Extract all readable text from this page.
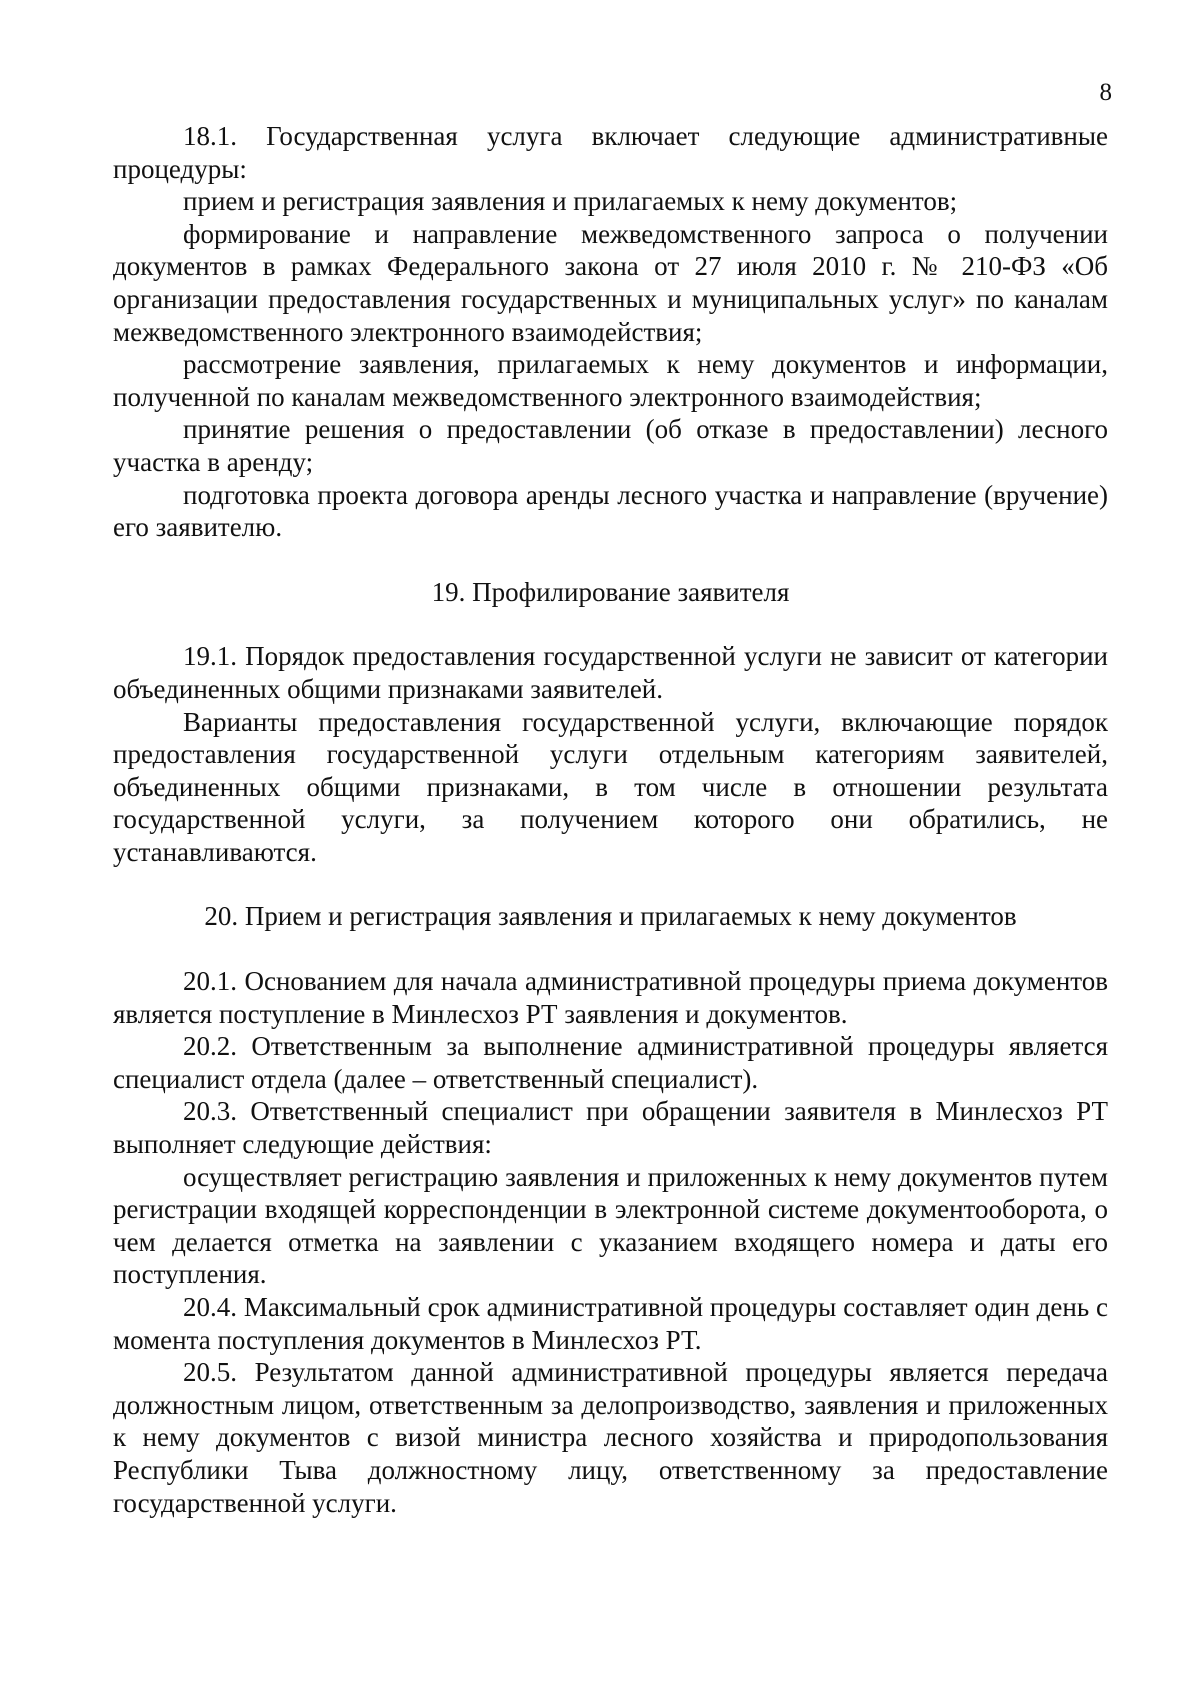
8

18.1. Государственная услуга включает следующие административные процедуры:

прием и регистрация заявления и прилагаемых к нему документов;

формирование и направление межведомственного запроса о получении документов в рамках Федерального закона от 27 июля 2010 г. № 210-ФЗ «Об организации предоставления государственных и муниципальных услуг» по каналам межведомственного электронного взаимодействия;

рассмотрение заявления, прилагаемых к нему документов и информации, полученной по каналам межведомственного электронного взаимодействия;

принятие решения о предоставлении (об отказе в предоставлении) лесного участка в аренду;

подготовка проекта договора аренды лесного участка и направление (вручение) его заявителю.

19. Профилирование заявителя

19.1. Порядок предоставления государственной услуги не зависит от категории объединенных общими признаками заявителей.

Варианты предоставления государственной услуги, включающие порядок предоставления государственной услуги отдельным категориям заявителей, объединенных общими признаками, в том числе в отношении результата государственной услуги, за получением которого они обратились, не устанавливаются.

20. Прием и регистрация заявления и прилагаемых к нему документов

20.1. Основанием для начала административной процедуры приема документов является поступление в Минлесхоз РТ заявления и документов.

20.2. Ответственным за выполнение административной процедуры является специалист отдела (далее – ответственный специалист).

20.3. Ответственный специалист при обращении заявителя в Минлесхоз РТ выполняет следующие действия:

осуществляет регистрацию заявления и приложенных к нему документов путем регистрации входящей корреспонденции в электронной системе документооборота, о чем делается отметка на заявлении с указанием входящего номера и даты его поступления.

20.4. Максимальный срок административной процедуры составляет один день с момента поступления документов в Минлесхоз РТ.

20.5. Результатом данной административной процедуры является передача должностным лицом, ответственным за делопроизводство, заявления и приложенных к нему документов с визой министра лесного хозяйства и природопользования Республики Тыва должностному лицу, ответственному за предоставление государственной услуги.
